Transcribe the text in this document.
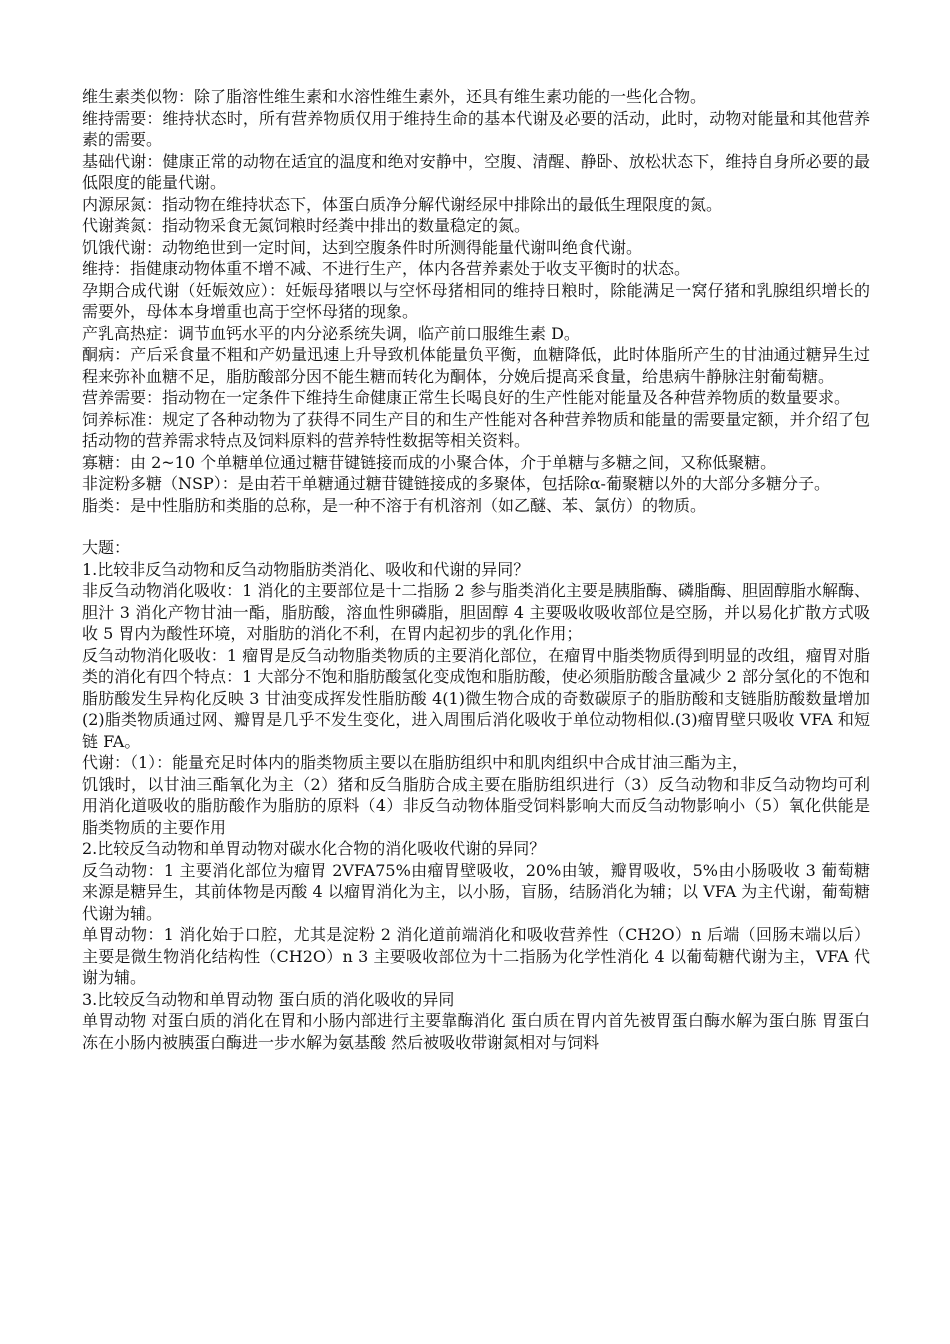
维生素类似物：除了脂溶性维生素和水溶性维生素外，还具有维生素功能的一些化合物。

维持需要：维持状态时，所有营养物质仅用于维持生命的基本代谢及必要的活动，此时，动物对能量和其他营养素的需要。

基础代谢：健康正常的动物在适宜的温度和绝对安静中，空腹、清醒、静卧、放松状态下，维持自身所必要的最低限度的能量代谢。

内源尿氮：指动物在维持状态下，体蛋白质净分解代谢经尿中排除出的最低生理限度的氮。

代谢粪氮：指动物采食无氮饲粮时经粪中排出的数量稳定的氮。

饥饿代谢：动物绝世到一定时间，达到空腹条件时所测得能量代谢叫绝食代谢。

维持：指健康动物体重不增不减、不进行生产，体内各营养素处于收支平衡时的状态。

孕期合成代谢（妊娠效应）：妊娠母猪喂以与空怀母猪相同的维持日粮时，除能满足一窝仔猪和乳腺组织增长的需要外，母体本身增重也高于空怀母猪的现象。

产乳高热症：调节血钙水平的内分泌系统失调，临产前口服维生素 D。

酮病：产后采食量不粗和产奶量迅速上升导致机体能量负平衡，血糖降低，此时体脂所产生的甘油通过糖异生过程来弥补血糖不足，脂肪酸部分因不能生糖而转化为酮体，分娩后提高采食量，给患病牛静脉注射葡萄糖。

营养需要：指动物在一定条件下维持生命健康正常生长喝良好的生产性能对能量及各种营养物质的数量要求。

饲养标准：规定了各种动物为了获得不同生产目的和生产性能对各种营养物质和能量的需要量定额，并介绍了包括动物的营养需求特点及饲料原料的营养特性数据等相关资料。

寡糖：由 2~10 个单糖单位通过糖苷键链接而成的小聚合体，介于单糖与多糖之间，又称低聚糖。

非淀粉多糖（NSP）：是由若干单糖通过糖苷键链接成的多聚体，包括除α-葡聚糖以外的大部分多糖分子。

脂类：是中性脂肪和类脂的总称，是一种不溶于有机溶剂（如乙醚、苯、氯仿）的物质。

大题：

1.比较非反刍动物和反刍动物脂肪类消化、吸收和代谢的异同？

非反刍动物消化吸收：1 消化的主要部位是十二指肠 2 参与脂类消化主要是胰脂酶、磷脂酶、胆固醇脂水解酶、胆汁 3 消化产物甘油一酯，脂肪酸，溶血性卵磷脂，胆固醇 4 主要吸收吸收部位是空肠，并以易化扩散方式吸收 5 胃内为酸性环境，对脂肪的消化不利，在胃内起初步的乳化作用；

反刍动物消化吸收：1 瘤胃是反刍动物脂类物质的主要消化部位，在瘤胃中脂类物质得到明显的改组，瘤胃对脂类的消化有四个特点：1 大部分不饱和脂肪酸氢化变成饱和脂肪酸，使必须脂肪酸含量减少 2 部分氢化的不饱和脂肪酸发生异构化反映 3 甘油变成挥发性脂肪酸 4(1)微生物合成的奇数碳原子的脂肪酸和支链脂肪酸数量增加(2)脂类物质通过网、瓣胃是几乎不发生变化，进入周围后消化吸收于单位动物相似.(3)瘤胃壁只吸收 VFA 和短链 FA。

代谢：（1）：能量充足时体内的脂类物质主要以在脂肪组织中和肌肉组织中合成甘油三酯为主，

饥饿时，以甘油三酯氧化为主（2）猪和反刍脂肪合成主要在脂肪组织进行（3）反刍动物和非反刍动物均可利用消化道吸收的脂肪酸作为脂肪的原料（4）非反刍动物体脂受饲料影响大而反刍动物影响小（5）氧化供能是脂类物质的主要作用

2.比较反刍动物和单胃动物对碳水化合物的消化吸收代谢的异同？

反刍动物：1 主要消化部位为瘤胃 2VFA75%由瘤胃壁吸收，20%由皱，瓣胃吸收，5%由小肠吸收 3 葡萄糖来源是糖异生，其前体物是丙酸 4 以瘤胃消化为主，以小肠，盲肠，结肠消化为辅；以 VFA 为主代谢，葡萄糖代谢为辅。

单胃动物：1 消化始于口腔，尤其是淀粉 2 消化道前端消化和吸收营养性（CH2O）n 后端（回肠末端以后）主要是微生物消化结构性（CH2O）n 3 主要吸收部位为十二指肠为化学性消化 4 以葡萄糖代谢为主，VFA 代谢为辅。

3.比较反刍动物和单胃动物 蛋白质的消化吸收的异同

单胃动物 对蛋白质的消化在胃和小肠内部进行主要靠酶消化 蛋白质在胃内首先被胃蛋白酶水解为蛋白胨 胃蛋白冻在小肠内被胰蛋白酶进一步水解为氨基酸 然后被吸收带谢氮相对与饲料
